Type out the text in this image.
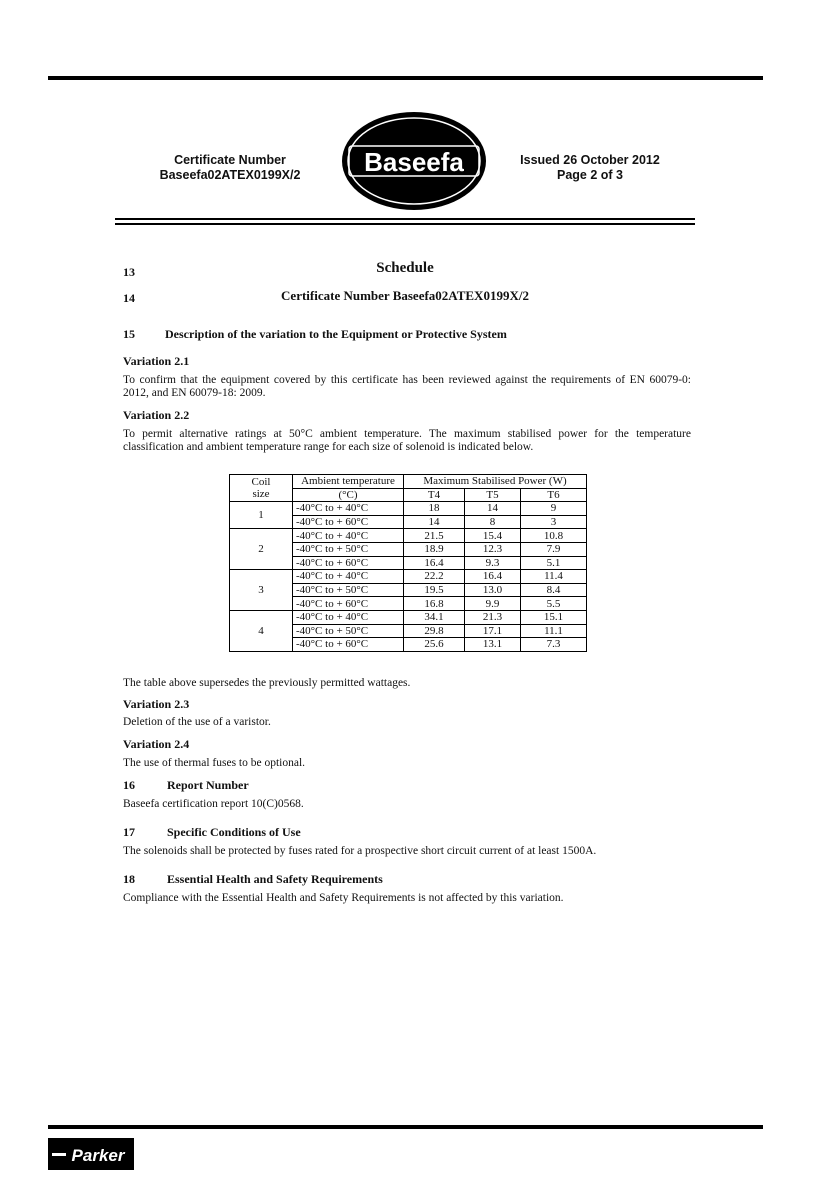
Certificate Number
Baseefa02ATEX0199X/2	Baseefa	Issued 26 October 2012
Page 2 of 3
13	Schedule
14	Certificate Number Baseefa02ATEX0199X/2
15	Description of the variation to the Equipment or Protective System
Variation 2.1
To confirm that the equipment covered by this certificate has been reviewed against the requirements of EN 60079-0: 2012, and EN 60079-18: 2009.
Variation 2.2
To permit alternative ratings at 50°C ambient temperature. The maximum stabilised power for the temperature classification and ambient temperature range for each size of solenoid is indicated below.
Coil
size	Ambient temperature	Maximum Stabilised Power (W)		
	(°C)	T4	T5	T6
1	-40°C to + 40°C	18	14	9
	-40°C to + 60°C	14	8	3
2	-40°C to + 40°C	21.5	15.4	10.8
	-40°C to + 50°C	18.9	12.3	7.9
	-40°C to + 60°C	16.4	9.3	5.1
3	-40°C to + 40°C	22.2	16.4	11.4
	-40°C to + 50°C	19.5	13.0	8.4
	-40°C to + 60°C	16.8	9.9	5.5
4	-40°C to + 40°C	34.1	21.3	15.1
	-40°C to + 50°C	29.8	17.1	11.1
	-40°C to + 60°C	25.6	13.1	7.3
The table above supersedes the previously permitted wattages.
Variation 2.3
Deletion of the use of a varistor.
Variation 2.4
The use of thermal fuses to be optional.
16	Report Number
Baseefa certification report 10(C)0568.
17	Specific Conditions of Use
The solenoids shall be protected by fuses rated for a prospective short circuit current of at least 1500A.
18	Essential Health and Safety Requirements
Compliance with the Essential Health and Safety Requirements is not affected by this variation.
Parker
